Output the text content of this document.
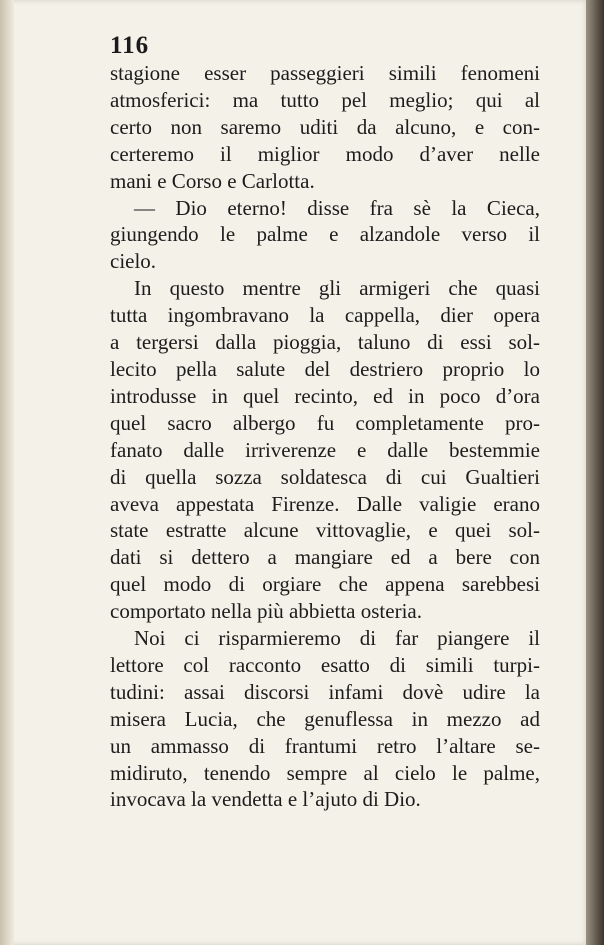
116
stagione esser passeggieri simili fenomeni
atmosferici: ma tutto pel meglio; qui al
certo non saremo uditi da alcuno, e con-
certeremo il miglior modo d’aver nelle
mani e Corso e Carlotta.
— Dio eterno! disse fra sè la Cieca,
giungendo le palme e alzandole verso il
cielo.
In questo mentre gli armigeri che quasi
tutta ingombravano la cappella, dier opera
a tergersi dalla pioggia, taluno di essi sol-
lecito pella salute del destriero proprio lo
introdusse in quel recinto, ed in poco d’ora
quel sacro albergo fu completamente pro-
fanato dalle irriverenze e dalle bestemmie
di quella sozza soldatesca di cui Gualtieri
aveva appestata Firenze. Dalle valigie erano
state estratte alcune vittovaglie, e quei sol-
dati si dettero a mangiare ed a bere con
quel modo di orgiare che appena sarebbesi
comportato nella più abbietta osteria.
Noi ci risparmieremo di far piangere il
lettore col racconto esatto di simili turpi-
tudini: assai discorsi infami dovè udire la
misera Lucia, che genuflessa in mezzo ad
un ammasso di frantumi retro l’altare se-
midiruto, tenendo sempre al cielo le palme,
invocava la vendetta e l’ajuto di Dio.
